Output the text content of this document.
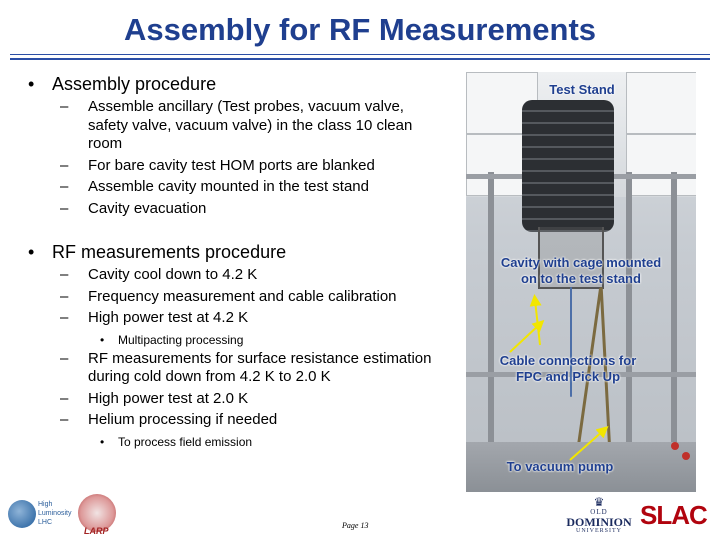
Assembly for RF Measurements
• Assembly procedure
–	Assemble ancillary (Test probes, vacuum valve, safety valve, vacuum valve) in the class 10 clean room
–	For bare cavity test HOM ports are blanked
–	Assemble cavity mounted in the test stand
–	Cavity evacuation
• RF measurements procedure
–	Cavity cool down to 4.2 K
–	Frequency measurement and cable calibration
–	High power test at 4.2 K
•	Multipacting processing
–	RF measurements for surface resistance estimation during cold down from 4.2 K to 2.0 K
–	High power test at 2.0 K
–	Helium processing if needed
•	To process field emission
Test Stand
Cavity with cage mounted on to the test stand
Cable connections for FPC and Pick Up
To vacuum pump
High Luminosity LHC
LARP
Page 13
♛
OLD
DOMINION
UNIVERSITY
SLAC
